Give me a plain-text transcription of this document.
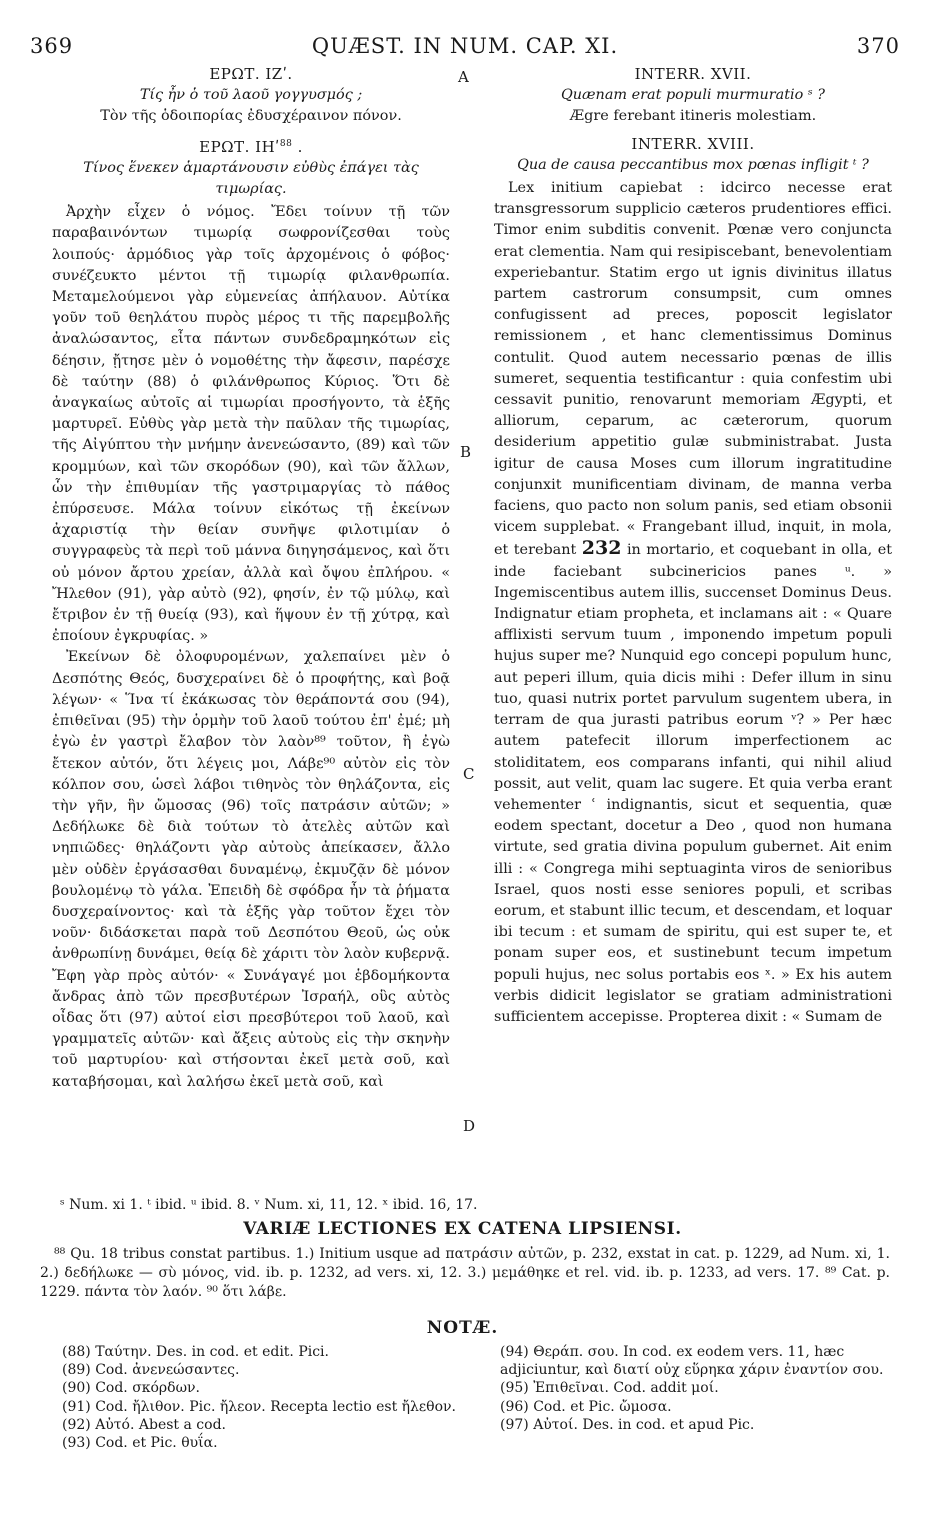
369	QUÆST. IN NUM. CAP. XI.	370
A
B
C
D
ΕΡΩΤ. ΙΖʹ.
Τίς ἦν ὁ τοῦ λαοῦ γογγυσμός ;
Τὸν τῆς ὁδοιπορίας ἐδυσχέραινον πόνον.
ΕΡΩΤ. ΙΗʹ$^{88}$ .
Τίνος ἕνεκεν ἁμαρτάνουσιν εὐθὺς ἐπάγει τὰς τιμωρίας.

Ἀρχὴν εἶχεν ὁ νόμος. Ἔδει τοίνυν τῇ τῶν παραβαινόντων τιμωρίᾳ σωφρονίζεσθαι τοὺς λοιπούς· ἁρμόδιος γὰρ τοῖς ἀρχομένοις ὁ φόβος· συνέζευκτο μέντοι τῇ τιμωρίᾳ φιλανθρωπία. Μεταμελούμενοι γὰρ εὐμενείας ἀπήλαυον. Αὐτίκα γοῦν τοῦ θεηλάτου πυρὸς μέρος τι τῆς παρεμβολῆς ἀναλώσαντος, εἶτα πάντων συνδεδραμηκότων εἰς δέησιν, ᾔτησε μὲν ὁ νομοθέτης τὴν ἄφεσιν, παρέσχε δὲ ταύτην (88) ὁ φιλάνθρωπος Κύριος. Ὅτι δὲ ἀναγκαίως αὐτοῖς αἱ τιμωρίαι προσήγοντο, τὰ ἑξῆς μαρτυρεῖ. Εὐθὺς γὰρ μετὰ τὴν παῦλαν τῆς τιμωρίας, τῆς Αἰγύπτου τὴν μνήμην ἀνενεώσαντο, (89) καὶ τῶν κρομμύων, καὶ τῶν σκορόδων (90), καὶ τῶν ἄλλων, ὧν τὴν ἐπιθυμίαν τῆς γαστριμαργίας τὸ πάθος ἐπύρσευσε. Μάλα τοίνυν εἰκότως τῇ ἐκείνων ἀχαριστίᾳ τὴν θείαν συνῆψε φιλοτιμίαν ὁ συγγραφεὺς τὰ περὶ τοῦ μάννα διηγησάμενος, καὶ ὅτι οὐ μόνον ἄρτου χρείαν, ἀλλὰ καὶ ὄψου ἐπλήρου. « Ἤλεθον (91), γὰρ αὐτὸ (92), φησίν, ἐν τῷ μύλῳ, καὶ ἔτριβον ἐν τῇ θυείᾳ (93), καὶ ἥψουν ἐν τῇ χύτρᾳ, καὶ ἐποίουν ἐγκρυφίας. »

Ἐκείνων δὲ ὀλοφυρομένων, χαλεπαίνει μὲν ὁ Δεσπότης Θεός, δυσχεραίνει δὲ ὁ προφήτης, καὶ βοᾷ λέγων· « Ἵνα τί ἐκάκωσας τὸν θεράποντά σου (94), ἐπιθεῖναι (95) τὴν ὁρμὴν τοῦ λαοῦ τούτου ἐπ' ἐμέ; μὴ ἐγὼ ἐν γαστρὶ ἔλαβον τὸν λαὸν⁸⁹ τοῦτον, ἢ ἐγὼ ἔτεκον αὐτόν, ὅτι λέγεις μοι, Λάβε⁹⁰ αὐτὸν εἰς τὸν κόλπον σου, ὡσεὶ λάβοι τιθηνὸς τὸν θηλάζοντα, εἰς τὴν γῆν, ἣν ὤμοσας (96) τοῖς πατράσιν αὐτῶν; » Δεδήλωκε δὲ διὰ τούτων τὸ ἀτελὲς αὐτῶν καὶ νηπιῶδες· θηλάζοντι γὰρ αὐτοὺς ἀπείκασεν, ἄλλο μὲν οὐδὲν ἐργάσασθαι δυναμένῳ, ἐκμυζᾷν δὲ μόνον βουλομένῳ τὸ γάλα. Ἐπειδὴ δὲ σφόδρα ἦν τὰ ῥήματα δυσχεραίνοντος· καὶ τὰ ἑξῆς γὰρ τοῦτον ἔχει τὸν νοῦν· διδάσκεται παρὰ τοῦ Δεσπότου Θεοῦ, ὡς οὐκ ἀνθρωπίνῃ δυνάμει, θείᾳ δὲ χάριτι τὸν λαὸν κυβερνᾷ. Ἔφη γὰρ πρὸς αὐτόν· « Συνάγαγέ μοι ἑβδομήκοντα ἄνδρας ἀπὸ τῶν πρεσβυτέρων Ἰσραήλ, οὓς αὐτὸς οἶδας ὅτι (97) αὐτοί εἰσι πρεσβύτεροι τοῦ λαοῦ, καὶ γραμματεῖς αὐτῶν· καὶ ἄξεις αὐτοὺς εἰς τὴν σκηνὴν τοῦ μαρτυρίου· καὶ στήσονται ἐκεῖ μετὰ σοῦ, καὶ καταβήσομαι, καὶ λαλήσω ἐκεῖ μετὰ σοῦ, καὶ

INTERR. XVII.
Quænam erat populi murmuratio ˢ ?
Ægre ferebant itineris molestiam.
INTERR. XVIII.
Qua de causa peccantibus mox pœnas infligit ᵗ ?

Lex initium capiebat : idcirco necesse erat transgressorum supplicio cæteros prudentiores effici. Timor enim subditis convenit. Pœnæ vero conjuncta erat clementia. Nam qui resipiscebant, benevolentiam experiebantur. Statim ergo ut ignis divinitus illatus partem castrorum consumpsit, cum omnes confugissent ad preces, poposcit legislator remissionem , et hanc clementissimus Dominus contulit. Quod autem necessario pœnas de illis sumeret, sequentia testificantur : quia confestim ubi cessavit punitio, renovarunt memoriam Ægypti, et alliorum, ceparum, ac cæterorum, quorum desiderium appetitio gulæ subministrabat. Justa igitur de causa Moses cum illorum ingratitudine conjunxit munificentiam divinam, de manna verba faciens, quo pacto non solum panis, sed etiam obsonii vicem supplebat. « Frangebant illud, inquit, in mola, et terebant 232 in mortario, et coquebant in olla, et inde faciebant subcinericios panes ᵘ. » Ingemiscentibus autem illis, succenset Dominus Deus. Indignatur etiam propheta, et inclamans ait : « Quare afflixisti servum tuum , imponendo impetum populi hujus super me? Nunquid ego concepi populum hunc, aut peperi illum, quia dicis mihi : Defer illum in sinu tuo, quasi nutrix portet parvulum sugentem ubera, in terram de qua jurasti patribus eorum ᵛ? » Per hæc autem patefecit illorum imperfectionem ac stoliditatem, eos comparans infanti, qui nihil aliud possit, aut velit, quam lac sugere. Et quia verba erant vehementer ʿ indignantis, sicut et sequentia, quæ eodem spectant, docetur a Deo , quod non humana virtute, sed gratia divina populum gubernet. Ait enim illi : « Congrega mihi septuaginta viros de senioribus Israel, quos nosti esse seniores populi, et scribas eorum, et stabunt illic tecum, et descendam, et loquar ibi tecum : et sumam de spiritu, qui est super te, et ponam super eos, et sustinebunt tecum impetum populi hujus, nec solus portabis eos ˣ. » Ex his autem verbis didicit legislator se gratiam administrationi sufficientem accepisse. Propterea dixit : « Sumam de

ˢ Num. xi 1. ᵗ ibid. ᵘ ibid. 8. ᵛ Num. xi, 11, 12. ˣ ibid. 16, 17.
VARIÆ LECTIONES EX CATENA LIPSIENSI.
⁸⁸ Qu. 18 tribus constat partibus. 1.) Initium usque ad πατράσιν αὐτῶν, p. 232, exstat in cat. p. 1229, ad Num. xi, 1. 2.) δεδήλωκε — σὺ μόνος, vid. ib. p. 1232, ad vers. xi, 12. 3.) μεμάθηκε et rel. vid. ib. p. 1233, ad vers. 17. ⁸⁹ Cat. p. 1229. πάντα τὸν λαόν. ⁹⁰ ὅτι λάβε.
NOTÆ.
(88) Ταύτην. Des. in cod. et edit. Pici.
(89) Cod. ἀνενεώσαντες.
(90) Cod. σκόρδων.
(91) Cod. ἤλιθον. Pic. ἤλεον. Recepta lectio est ἤλεθον.
(92) Αὐτό. Abest a cod.
(93) Cod. et Pic. θυΐα.
(94) Θεράπ. σου. In cod. ex eodem vers. 11, hæc adjiciuntur, καὶ διατί οὐχ εὕρηκα χάριν ἐναντίον σου.
(95) Ἐπιθεῖναι. Cod. addit μοί.
(96) Cod. et Pic. ὤμοσα.
(97) Αὐτοί. Des. in cod. et apud Pic.
